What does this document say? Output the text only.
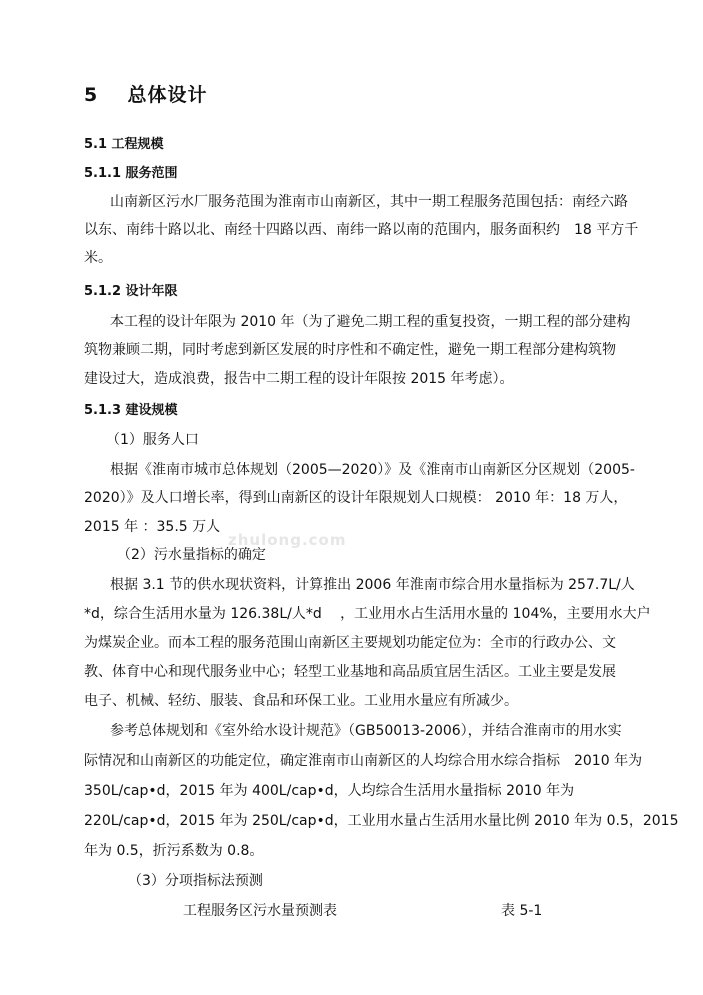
5 总体设计
5.1 工程规模
5.1.1 服务范围
山南新区污水厂服务范围为淮南市山南新区，其中一期工程服务范围包括：南经六路
以东、南纬十路以北、南经十四路以西、南纬一路以南的范围内，服务面积约　18 平方千
米。
5.1.2 设计年限
本工程的设计年限为 2010 年（为了避免二期工程的重复投资，一期工程的部分建构
筑物兼顾二期，同时考虑到新区发展的时序性和不确定性，避免一期工程部分建构筑物
建设过大，造成浪费，报告中二期工程的设计年限按 2015 年考虑）。
5.1.3 建设规模
（1）服务人口
根据《淮南市城市总体规划（2005—2020）》及《淮南市山南新区分区规划（2005-
2020）》及人口增长率，得到山南新区的设计年限规划人口规模： 2010 年：18 万人，
2015 年 ：35.5 万人
zhulong.com
（2）污水量指标的确定
根据 3.1 节的供水现状资料，计算推出 2006 年淮南市综合用水量指标为 257.7L/人
*d，综合生活用水量为 126.38L/人*d　 ，工业用水占生活用水量的 104%，主要用水大户
为煤炭企业。而本工程的服务范围山南新区主要规划功能定位为：全市的行政办公、文
教、体育中心和现代服务业中心；轻型工业基地和高品质宜居生活区。工业主要是发展
电子、机械、轻纺、服装、食品和环保工业。工业用水量应有所减少。
参考总体规划和《室外给水设计规范》（GB50013-2006），并结合淮南市的用水实
际情况和山南新区的功能定位，确定淮南市山南新区的人均综合用水综合指标　2010 年为
350L/cap•d，2015 年为 400L/cap•d，人均综合生活用水量指标 2010 年为
220L/cap•d，2015 年为 250L/cap•d，工业用水量占生活用水量比例 2010 年为 0.5，2015
年为 0.5，折污系数为 0.8。
（3）分项指标法预测
工程服务区污水量预测表	表 5-1
